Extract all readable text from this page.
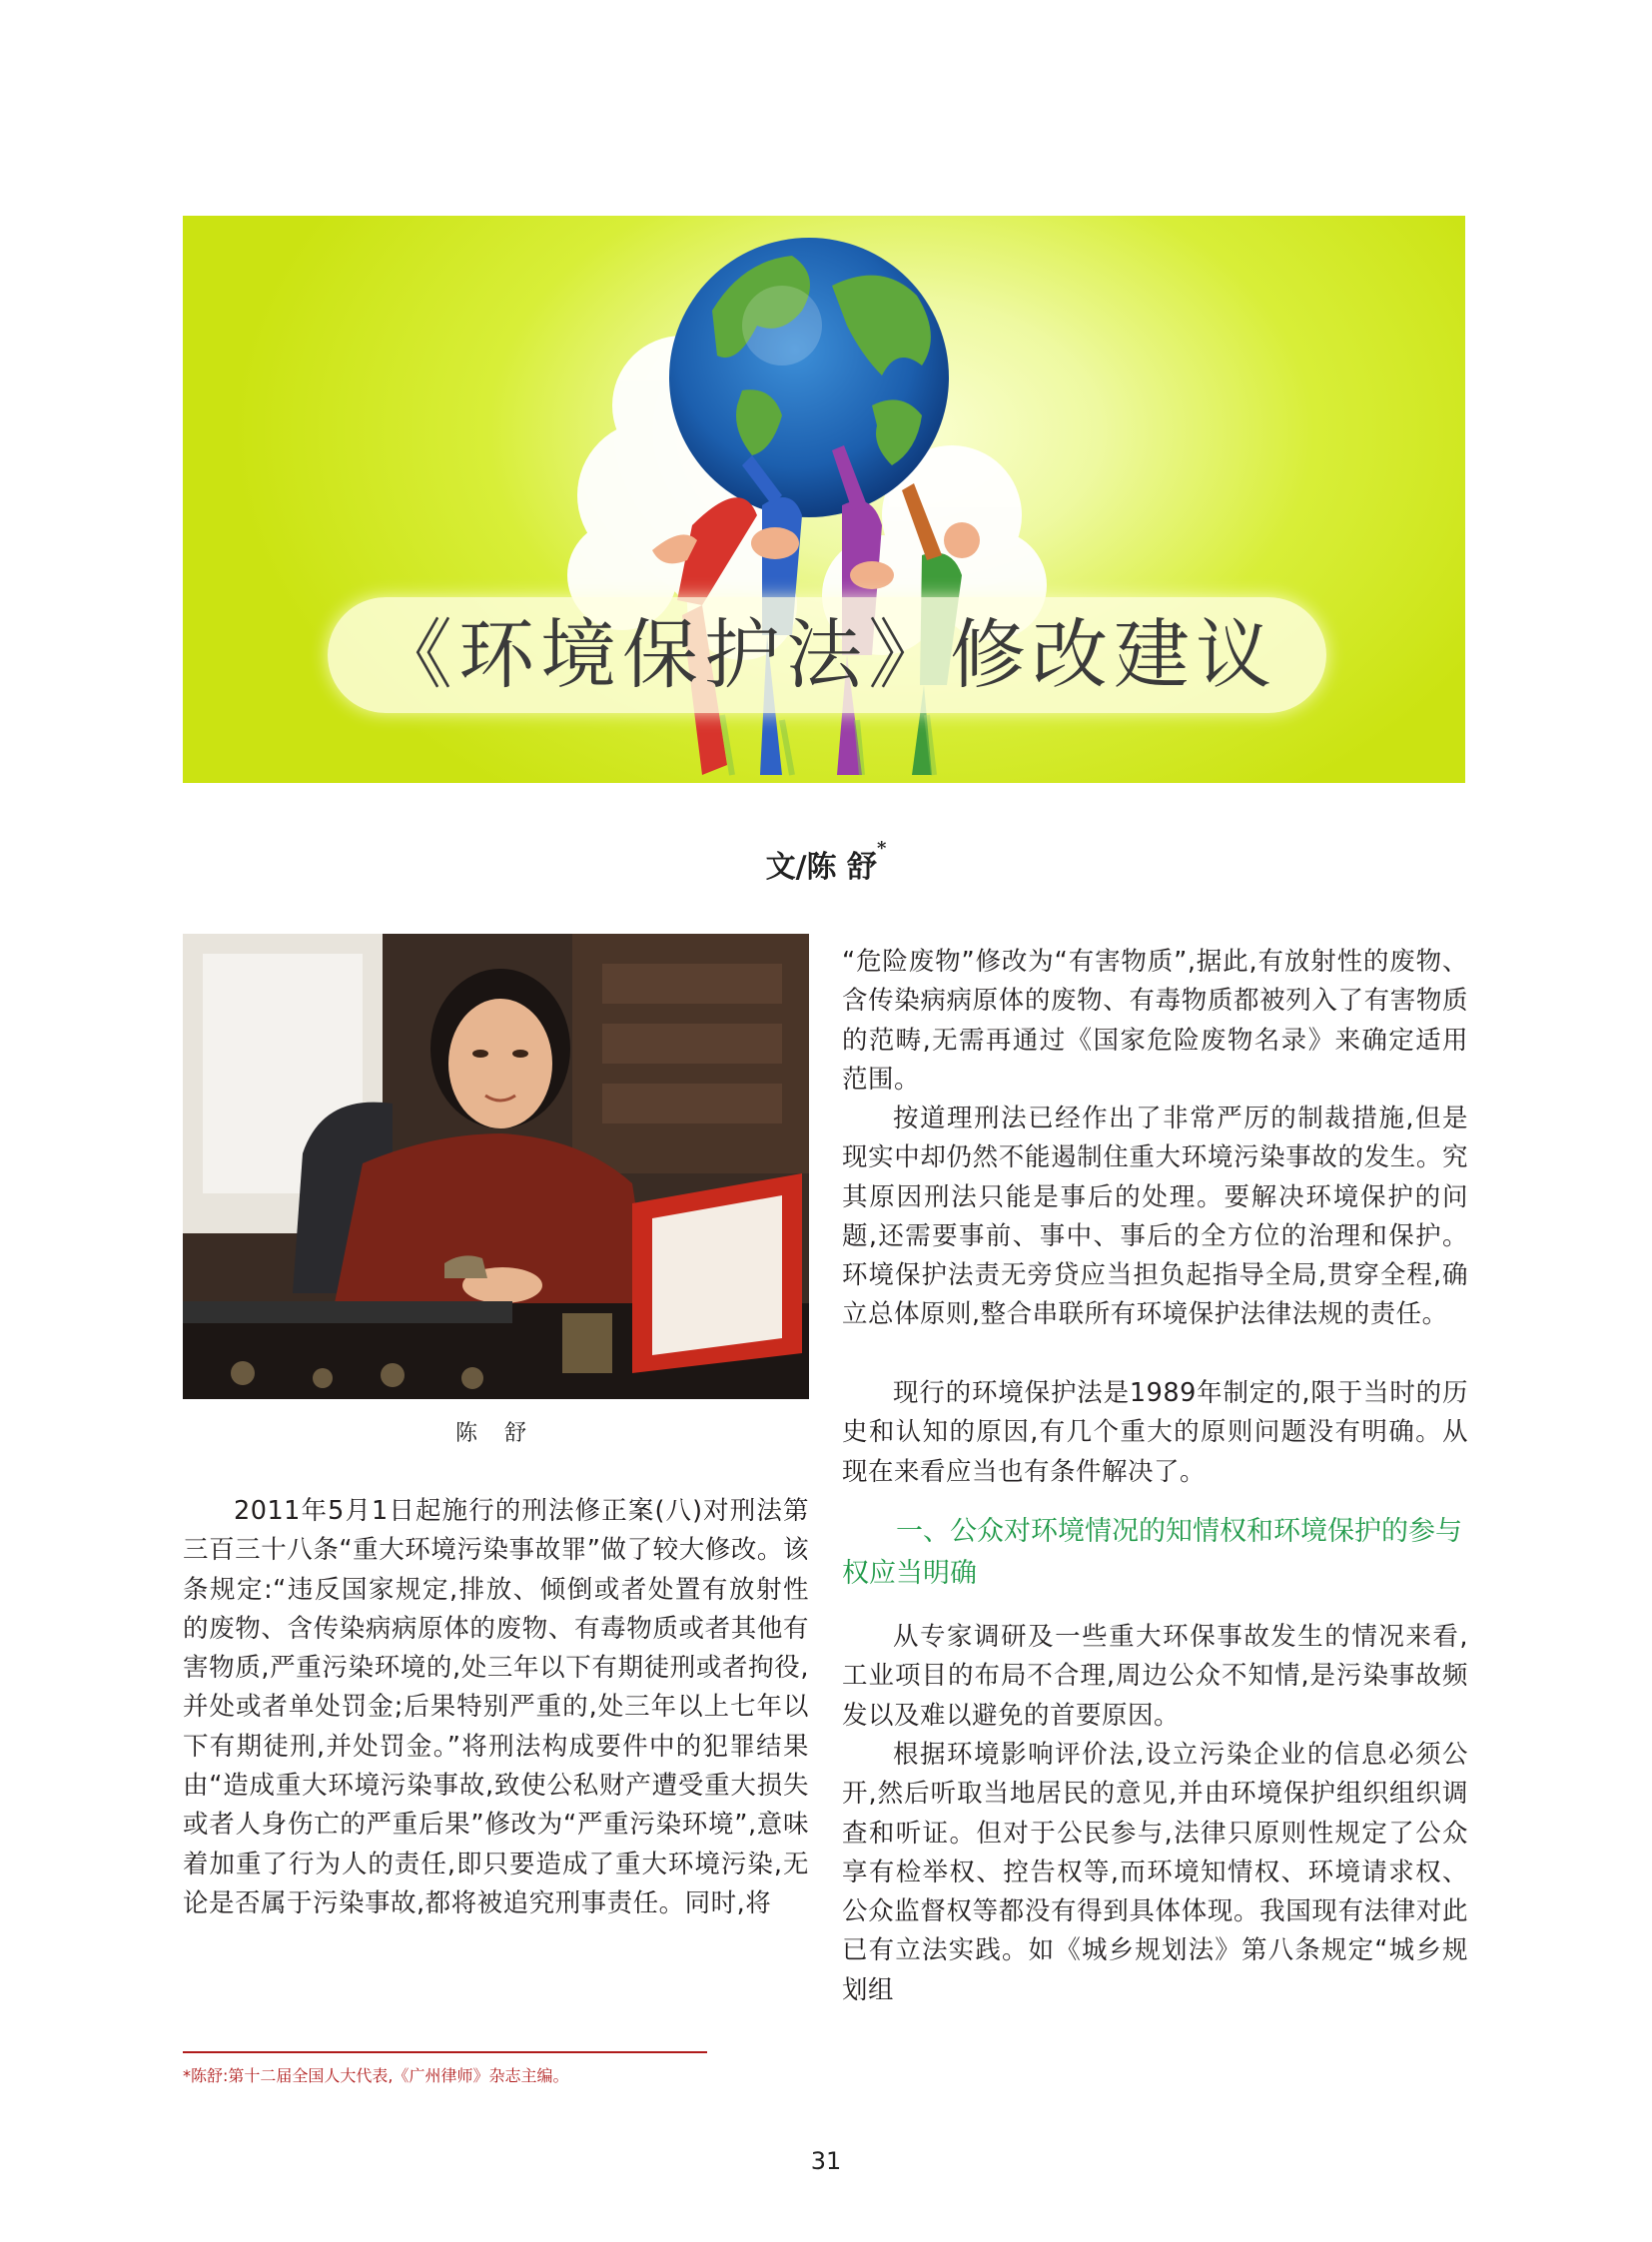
《环境保护法》修改建议
文/陈 舒*
陈 舒

2011年5月1日起施行的刑法修正案(八)对刑法第三百三十八条“重大环境污染事故罪”做了较大修改。该条规定:“违反国家规定,排放、倾倒或者处置有放射性的废物、含传染病病原体的废物、有毒物质或者其他有害物质,严重污染环境的,处三年以下有期徒刑或者拘役,并处或者单处罚金;后果特别严重的,处三年以上七年以下有期徒刑,并处罚金。”将刑法构成要件中的犯罪结果由“造成重大环境污染事故,致使公私财产遭受重大损失或者人身伤亡的严重后果”修改为“严重污染环境”,意味着加重了行为人的责任,即只要造成了重大环境污染,无论是否属于污染事故,都将被追究刑事责任。同时,将

“危险废物”修改为“有害物质”,据此,有放射性的废物、含传染病病原体的废物、有毒物质都被列入了有害物质的范畴,无需再通过《国家危险废物名录》来确定适用范围。

按道理刑法已经作出了非常严厉的制裁措施,但是现实中却仍然不能遏制住重大环境污染事故的发生。究其原因刑法只能是事后的处理。要解决环境保护的问题,还需要事前、事中、事后的全方位的治理和保护。环境保护法责无旁贷应当担负起指导全局,贯穿全程,确立总体原则,整合串联所有环境保护法律法规的责任。

现行的环境保护法是1989年制定的,限于当时的历史和认知的原因,有几个重大的原则问题没有明确。从现在来看应当也有条件解决了。

一、公众对环境情况的知情权和环境保护的参与权应当明确

从专家调研及一些重大环保事故发生的情况来看,工业项目的布局不合理,周边公众不知情,是污染事故频发以及难以避免的首要原因。

根据环境影响评价法,设立污染企业的信息必须公开,然后听取当地居民的意见,并由环境保护组织组织调查和听证。但对于公民参与,法律只原则性规定了公众享有检举权、控告权等,而环境知情权、环境请求权、公众监督权等都没有得到具体体现。我国现有法律对此已有立法实践。如《城乡规划法》第八条规定“城乡规划组

*陈舒:第十二届全国人大代表,《广州律师》杂志主编。
31
